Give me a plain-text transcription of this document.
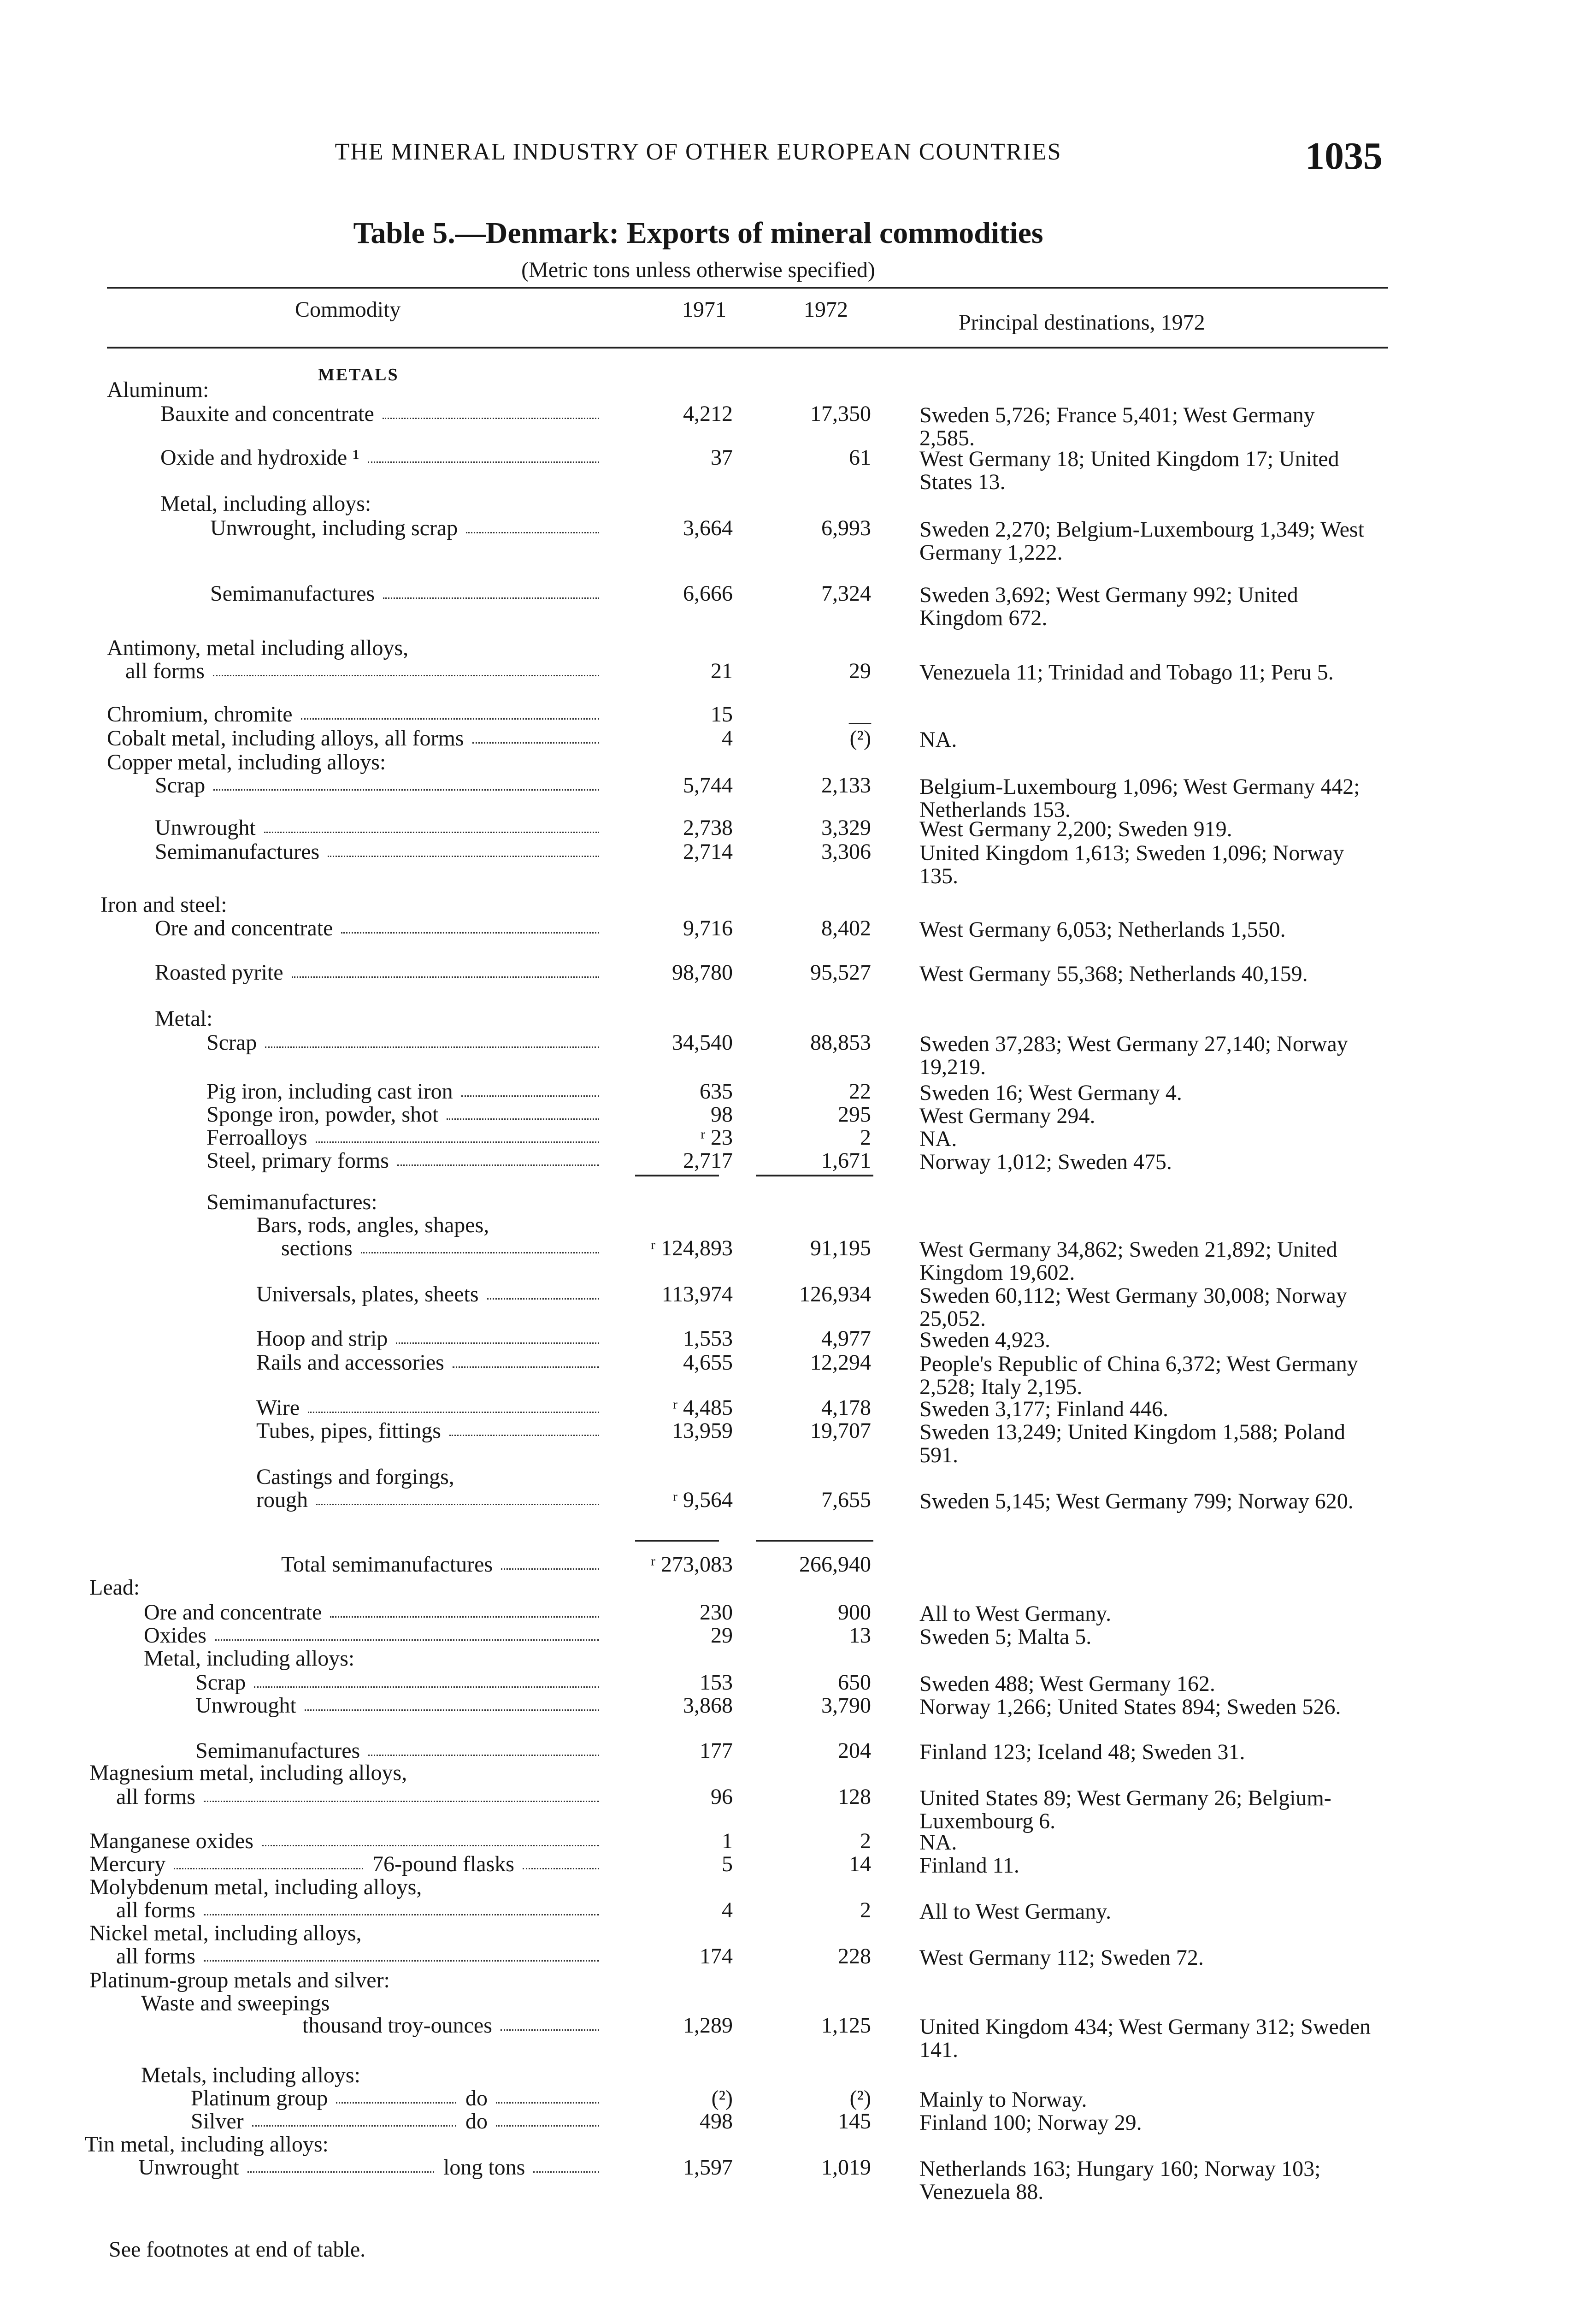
THE MINERAL INDUSTRY OF OTHER EUROPEAN COUNTRIES	1035
Table 5.—Denmark: Exports of mineral commodities
(Metric tons unless otherwise specified)
Commodity	1971	1972
Principal destinations, 1972
METALS
Aluminum:
Bauxite and concentrate	4,212	17,350 Sweden 5,726; France 5,401; West Germany 2,585.
Oxide and hydroxide ¹	37	61 West Germany 18; United Kingdom 17; United States 13.
Metal, including alloys:
Unwrought, including scrap	3,664	6,993 Sweden 2,270; Belgium-Luxembourg 1,349; West Germany 1,222.
Semimanufactures	6,666	7,324 Sweden 3,692; West Germany 992; United Kingdom 672.
Antimony, metal including alloys,
all forms	21	29 Venezuela 11; Trinidad and Tobago 11; Peru 5.
Chromium, chromite	15	__
Cobalt metal, including alloys, all forms	4	(²) NA.
Copper metal, including alloys:
Scrap	5,744	2,133 Belgium-Luxembourg 1,096; West Germany 442; Netherlands 153.
Unwrought	2,738	3,329 West Germany 2,200; Sweden 919.
Semimanufactures	2,714	3,306 United Kingdom 1,613; Sweden 1,096; Norway 135.
Iron and steel:
Ore and concentrate	9,716	8,402 West Germany 6,053; Netherlands 1,550.
Roasted pyrite	98,780	95,527 West Germany 55,368; Netherlands 40,159.
Metal:
Scrap	34,540	88,853 Sweden 37,283; West Germany 27,140; Norway 19,219.
Pig iron, including cast iron	635	22 Sweden 16; West Germany 4.
Sponge iron, powder, shot	98	295 West Germany 294.
Ferroalloys	ʳ 23	2 NA.
Steel, primary forms	2,717	1,671 Norway 1,012; Sweden 475.
Semimanufactures:
Bars, rods, angles, shapes,
sections	ʳ 124,893	91,195 West Germany 34,862; Sweden 21,892; United Kingdom 19,602.
Universals, plates, sheets	113,974	126,934 Sweden 60,112; West Germany 30,008; Norway 25,052.
Hoop and strip	1,553	4,977 Sweden 4,923.
Rails and accessories	4,655	12,294 People's Republic of China 6,372; West Germany 2,528; Italy 2,195.
Wire	ʳ 4,485	4,178 Sweden 3,177; Finland 446.
Tubes, pipes, fittings	13,959	19,707 Sweden 13,249; United Kingdom 1,588; Poland 591.
Castings and forgings,
rough	ʳ 9,564	7,655 Sweden 5,145; West Germany 799; Norway 620.
Total semimanufactures	ʳ 273,083	266,940
Lead:
Ore and concentrate	230	900 All to West Germany.
Oxides	29	13 Sweden 5; Malta 5.
Metal, including alloys:
Scrap	153	650 Sweden 488; West Germany 162.
Unwrought	3,868	3,790 Norway 1,266; United States 894; Sweden 526.
Semimanufactures	177	204 Finland 123; Iceland 48; Sweden 31.
Magnesium metal, including alloys,
all forms	96	128 United States 89; West Germany 26; Belgium-Luxembourg 6.
Manganese oxides	1	2 NA.
Mercury	76-pound flasks	5	14 Finland 11.
Molybdenum metal, including alloys,
all forms	4	2 All to West Germany.
Nickel metal, including alloys,
all forms	174	228 West Germany 112; Sweden 72.
Platinum-group metals and silver:
Waste and sweepings
thousand troy-ounces	1,289	1,125 United Kingdom 434; West Germany 312; Sweden 141.
Metals, including alloys:
Platinum group	do	(²)	(²) Mainly to Norway.
Silver	do	498	145 Finland 100; Norway 29.
Tin metal, including alloys:
Unwrought	long tons	1,597	1,019 Netherlands 163; Hungary 160; Norway 103; Venezuela 88.
See footnotes at end of table.
